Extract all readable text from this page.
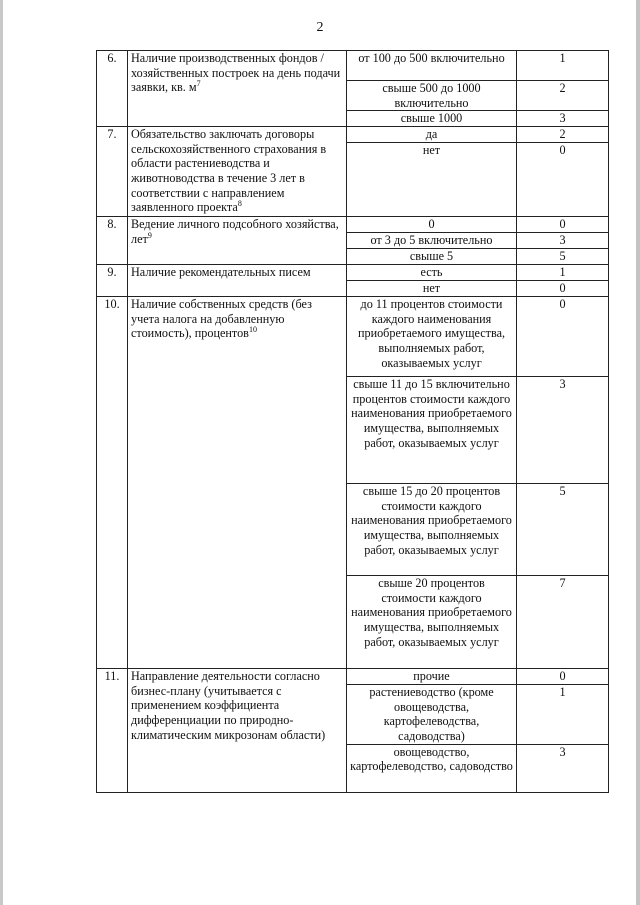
2
6.	Наличие производственных фондов / хозяйственных построек на день подачи заявки, кв. $м^7$	от 100 до 500 включительно	1
		свыше 500 до 1000 включительно	2
		свыше 1000	3
7.	Обязательство заключать договоры сельскохозяйственного страхования в области растениеводства и животноводства в течение 3 лет в соответствии с направлением заявленного проекта$^8$	да	2
		нет	0
8.	Ведение личного подсобного хозяйства, лет$^9$	0	0
		от 3 до 5 включительно	3
		свыше 5	5
9.	Наличие рекомендательных писем	есть	1
		нет	0
10.	Наличие собственных средств (без учета налога на добавленную стоимость), процентов$^{10}$	до 11 процентов стоимости каждого наименования приобретаемого имущества, выполняемых работ, оказываемых услуг	0
		свыше 11 до 15 включительно процентов стоимости каждого наименования приобретаемого имущества, выполняемых работ, оказываемых услуг	3
		свыше 15 до 20 процентов стоимости каждого наименования приобретаемого имущества, выполняемых работ, оказываемых услуг	5
		свыше 20 процентов стоимости каждого наименования приобретаемого имущества, выполняемых работ, оказываемых услуг	7
11.	Направление деятельности согласно бизнес-плану (учитывается с применением коэффициента дифференциации по природно-климатическим микрозонам области)	прочие	0
		растениеводство (кроме овощеводства, картофелеводства, садоводства)	1
		овощеводство, картофелеводство, садоводство	3
